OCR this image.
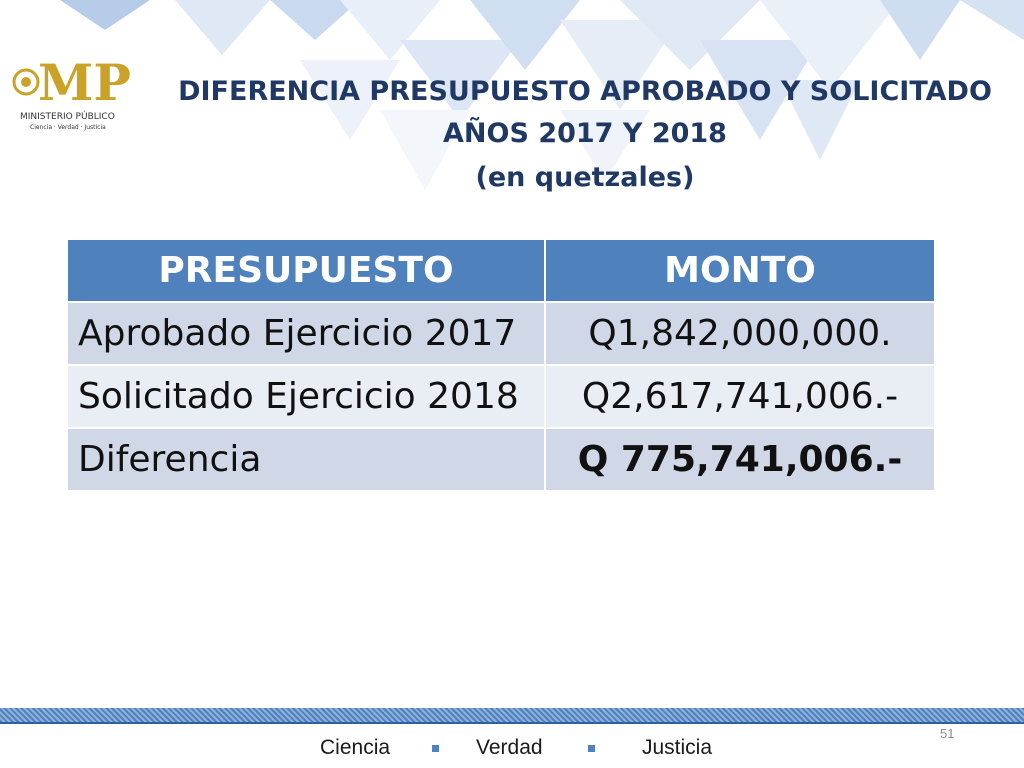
MP
MINISTERIO PÚBLICO
Ciencia · Verdad · Justicia
DIFERENCIA PRESUPUESTO APROBADO Y SOLICITADO
AÑOS 2017 Y 2018
(en quetzales)
PRESUPUESTO	MONTO
Aprobado Ejercicio 2017	Q1,842,000,000.
Solicitado Ejercicio 2018	Q2,617,741,006.-
Diferencia	Q 775,741,006.-
51
Ciencia	Verdad	Justicia
